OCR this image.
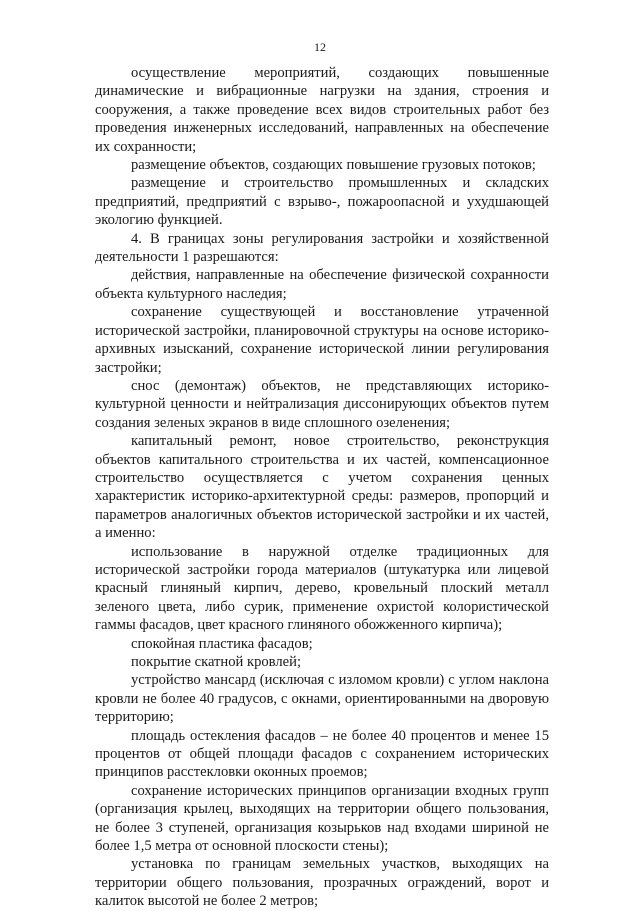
12

осуществление мероприятий, создающих повышенные динамические и вибрационные нагрузки на здания, строения и сооружения, а также проведение всех видов строительных работ без проведения инженерных исследований, направленных на обеспечение их сохранности;

размещение объектов, создающих повышение грузовых потоков;

размещение и строительство промышленных и складских предприятий, предприятий с взрыво-, пожароопасной и ухудшающей экологию функцией.

4. В границах зоны регулирования застройки и хозяйственной деятельности 1 разрешаются:

действия, направленные на обеспечение физической сохранности объекта культурного наследия;

сохранение существующей и восстановление утраченной исторической застройки, планировочной структуры на основе историко-архивных изысканий, сохранение исторической линии регулирования застройки;

снос (демонтаж) объектов, не представляющих историко-культурной ценности и нейтрализация диссонирующих объектов путем создания зеленых экранов в виде сплошного озеленения;

капитальный ремонт, новое строительство, реконструкция объектов капитального строительства и их частей, компенсационное строительство осуществляется с учетом сохранения ценных характеристик историко-архитектурной среды: размеров, пропорций и параметров аналогичных объектов исторической застройки и их частей, а именно:

использование в наружной отделке традиционных для исторической застройки города материалов (штукатурка или лицевой красный глиняный кирпич, дерево, кровельный плоский металл зеленого цвета, либо сурик, применение охристой колористической гаммы фасадов, цвет красного глиняного обожженного кирпича);

спокойная пластика фасадов;

покрытие скатной кровлей;

устройство мансард (исключая с изломом кровли) с углом наклона кровли не более 40 градусов, с окнами, ориентированными на дворовую территорию;

площадь остекления фасадов – не более 40 процентов и менее 15 процентов от общей площади фасадов с сохранением исторических принципов расстекловки оконных проемов;

сохранение исторических принципов организации входных групп (организация крылец, выходящих на территории общего пользования, не более 3 ступеней, организация козырьков над входами шириной не более 1,5 метра от основной плоскости стены);

установка по границам земельных участков, выходящих на территории общего пользования, прозрачных ограждений, ворот и калиток высотой не более 2 метров;
